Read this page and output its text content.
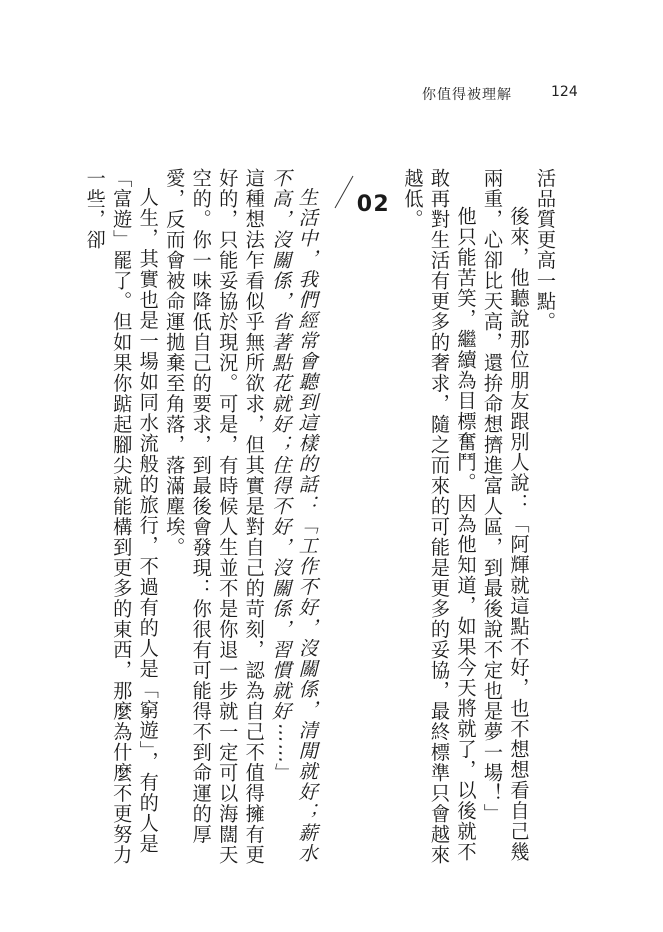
你值得被理解	124

活品質更高一點。

後來，他聽說那位朋友跟別人說：「阿輝就這點不好，也不想想看自己幾兩重，心卻比天高，還拚命想擠進富人區，到最後說不定也是夢一場！」

他只能苦笑，繼續為目標奮鬥。因為他知道，如果今天將就了，以後就不敢再對生活有更多的奢求，隨之而來的可能是更多的妥協，最終標準只會越來越低。

02

生活中，我們經常會聽到這樣的話：「工作不好，沒關係，清閒就好；薪水不高，沒關係，省著點花就好；住得不好，沒關係，習慣就好⋯⋯」

這種想法乍看似乎無所欲求，但其實是對自己的苛刻，認為自己不值得擁有更好的，只能妥協於現況。可是，有時候人生並不是你退一步就一定可以海闊天空的。你一味降低自己的要求，到最後會發現：你很有可能得不到命運的厚愛，反而會被命運拋棄至角落，落滿塵埃。

人生，其實也是一場如同水流般的旅行，不過有的人是「窮遊」，有的人是「富遊」罷了。但如果你踮起腳尖就能構到更多的東西，那麼為什麼不更努力一些，卻
